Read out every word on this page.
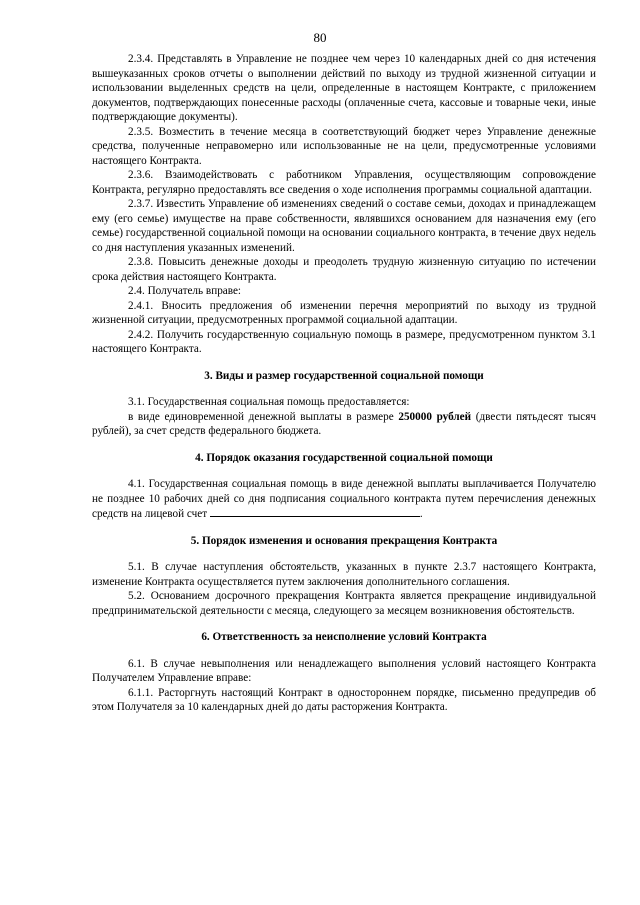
80

2.3.4. Представлять в Управление не позднее чем через 10 календарных дней со дня истечения вышеуказанных сроков отчеты о выполнении действий по выходу из трудной жизненной ситуации и использовании выделенных средств на цели, определенные в настоящем Контракте, с приложением документов, подтверждающих понесенные расходы (оплаченные счета, кассовые и товарные чеки, иные подтверждающие документы).

2.3.5. Возместить в течение месяца в соответствующий бюджет через Управление денежные средства, полученные неправомерно или использованные не на цели, предусмотренные условиями настоящего Контракта.

2.3.6. Взаимодействовать с работником Управления, осуществляющим сопровождение Контракта, регулярно предоставлять все сведения о ходе исполнения программы социальной адаптации.

2.3.7. Известить Управление об изменениях сведений о составе семьи, доходах и принадлежащем ему (его семье) имуществе на праве собственности, являвшихся основанием для назначения ему (его семье) государственной социальной помощи на основании социального контракта, в течение двух недель со дня наступления указанных изменений.

2.3.8. Повысить денежные доходы и преодолеть трудную жизненную ситуацию по истечении срока действия настоящего Контракта.

2.4. Получатель вправе:

2.4.1. Вносить предложения об изменении перечня мероприятий по выходу из трудной жизненной ситуации, предусмотренных программой социальной адаптации.

2.4.2. Получить государственную социальную помощь в размере, предусмотренном пунктом 3.1 настоящего Контракта.

3. Виды и размер государственной социальной помощи

3.1. Государственная социальная помощь предоставляется:

в виде единовременной денежной выплаты в размере 250000 рублей (двести пятьдесят тысяч рублей), за счет средств федерального бюджета.

4. Порядок оказания государственной социальной помощи

4.1. Государственная социальная помощь в виде денежной выплаты выплачивается Получателю не позднее 10 рабочих дней со дня подписания социального контракта путем перечисления денежных средств на лицевой счет	.

5. Порядок изменения и основания прекращения Контракта

5.1. В случае наступления обстоятельств, указанных в пункте 2.3.7 настоящего Контракта, изменение Контракта осуществляется путем заключения дополнительного соглашения.

5.2. Основанием досрочного прекращения Контракта является прекращение индивидуальной предпринимательской деятельности с месяца, следующего за месяцем возникновения обстоятельств.

6. Ответственность за неисполнение условий Контракта

6.1. В случае невыполнения или ненадлежащего выполнения условий настоящего Контракта Получателем Управление вправе:

6.1.1. Расторгнуть настоящий Контракт в одностороннем порядке, письменно предупредив об этом Получателя за 10 календарных дней до даты расторжения Контракта.
